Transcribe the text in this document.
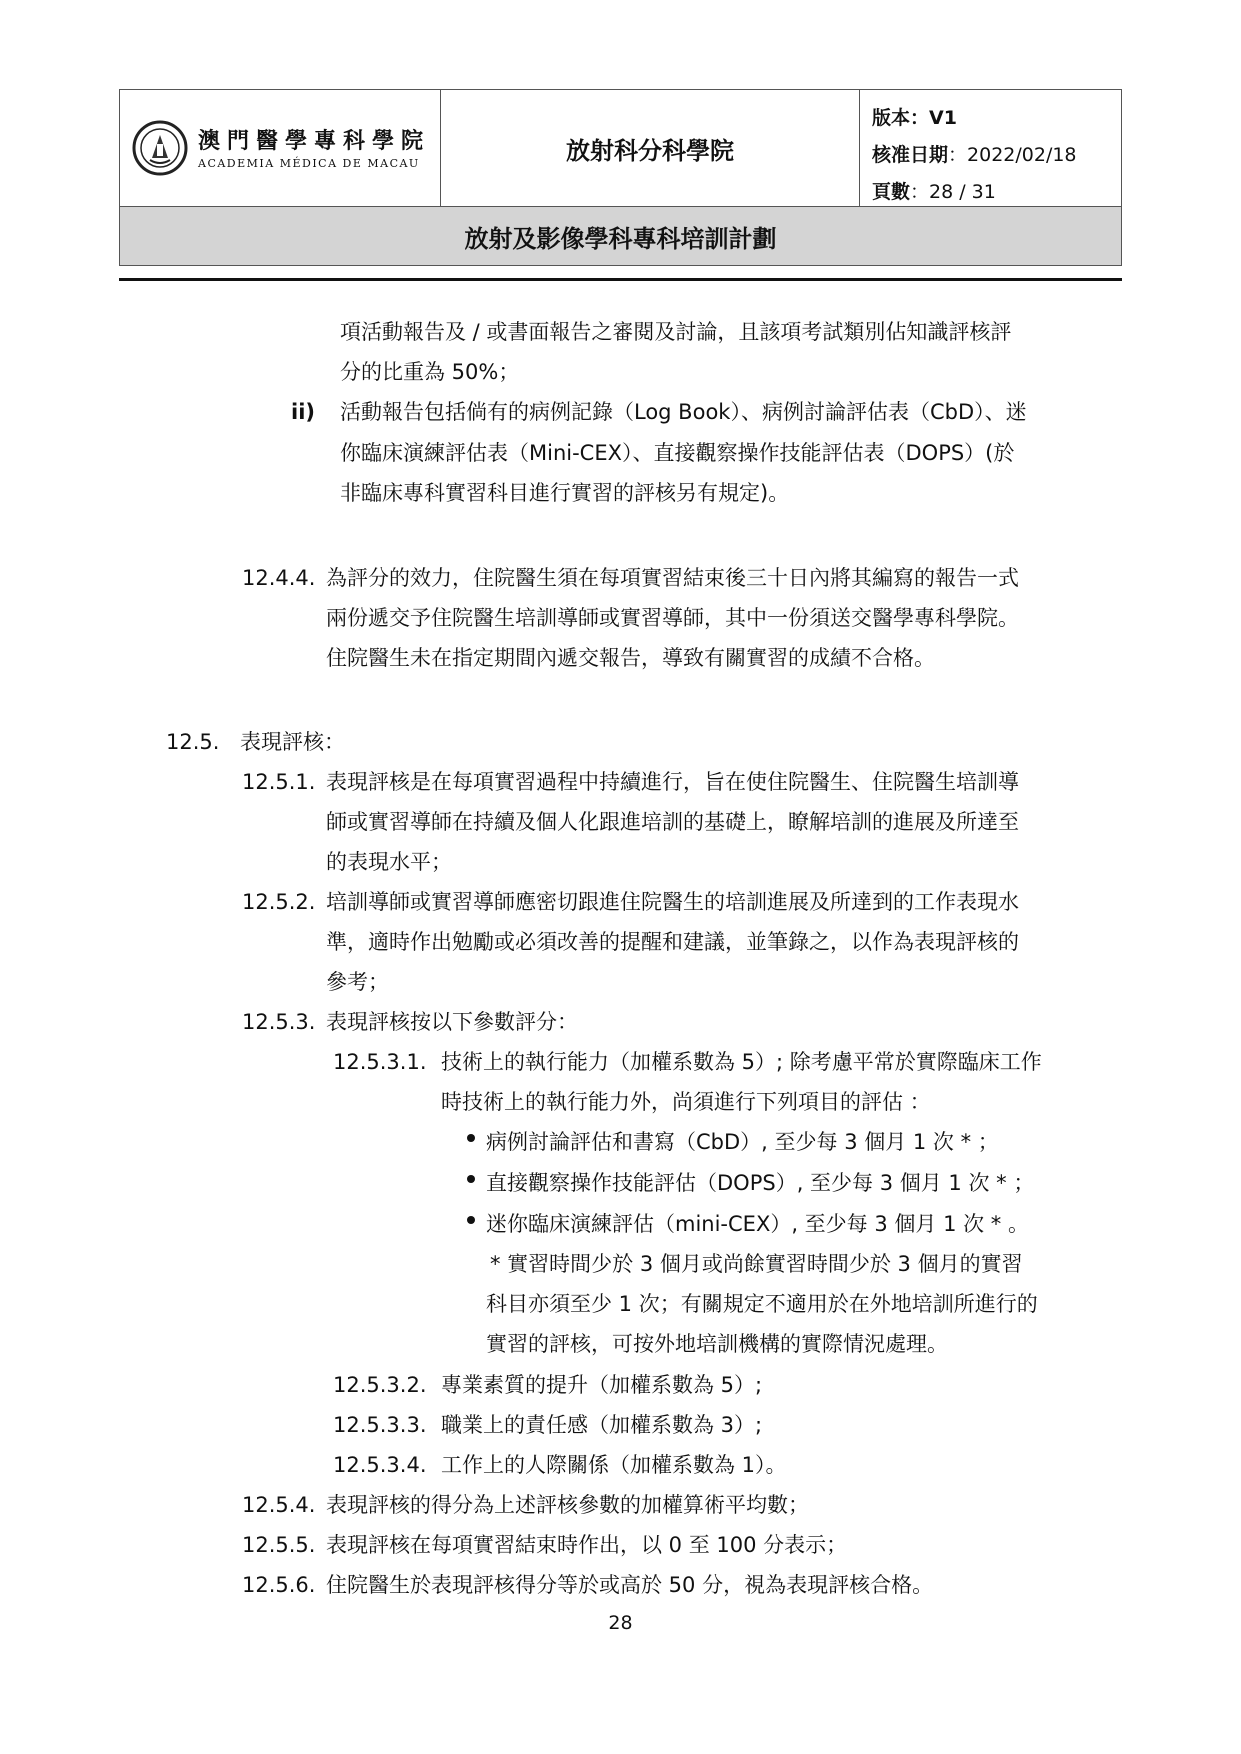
澳門醫學專科學院
ACADEMIA MÉDICA DE MACAU	放射科分科學院
版本：V1
核准日期：2022/02/18
頁數：28 / 31
放射及影像學科專科培訓計劃
項活動報告及 / 或書面報告之審閱及討論，且該項考試類別佔知識評核評
分的比重為 50%；
ii) 活動報告包括倘有的病例記錄（Log Book）、病例討論評估表（CbD）、迷
你臨床演練評估表（Mini-CEX）、直接觀察操作技能評估表（DOPS）(於
非臨床專科實習科目進行實習的評核另有規定)。
12.4.4. 為評分的效力，住院醫生須在每項實習結束後三十日內將其編寫的報告一式
兩份遞交予住院醫生培訓導師或實習導師，其中一份須送交醫學專科學院。
住院醫生未在指定期間內遞交報告，導致有關實習的成績不合格。
12.5. 表現評核：
12.5.1. 表現評核是在每項實習過程中持續進行，旨在使住院醫生、住院醫生培訓導
師或實習導師在持續及個人化跟進培訓的基礎上，瞭解培訓的進展及所達至
的表現水平；
12.5.2. 培訓導師或實習導師應密切跟進住院醫生的培訓進展及所達到的工作表現水
準，適時作出勉勵或必須改善的提醒和建議，並筆錄之，以作為表現評核的
參考；
12.5.3. 表現評核按以下參數評分：
12.5.3.1. 技術上的執行能力（加權系數為 5）; 除考慮平常於實際臨床工作
時技術上的執行能力外，尚須進行下列項目的評估 ：
病例討論評估和書寫（CbD）, 至少每 3 個月 1 次 * ；
直接觀察操作技能評估（DOPS）, 至少每 3 個月 1 次 * ；
迷你臨床演練評估（mini-CEX）, 至少每 3 個月 1 次 * 。
* 實習時間少於 3 個月或尚餘實習時間少於 3 個月的實習
科目亦須至少 1 次；有關規定不適用於在外地培訓所進行的
實習的評核，可按外地培訓機構的實際情況處理。
12.5.3.2. 專業素質的提升（加權系數為 5）;
12.5.3.3. 職業上的責任感（加權系數為 3）;
12.5.3.4. 工作上的人際關係（加權系數為 1）。
12.5.4. 表現評核的得分為上述評核參數的加權算術平均數；
12.5.5. 表現評核在每項實習結束時作出，以 0 至 100 分表示；
12.5.6. 住院醫生於表現評核得分等於或高於 50 分，視為表現評核合格。
28
